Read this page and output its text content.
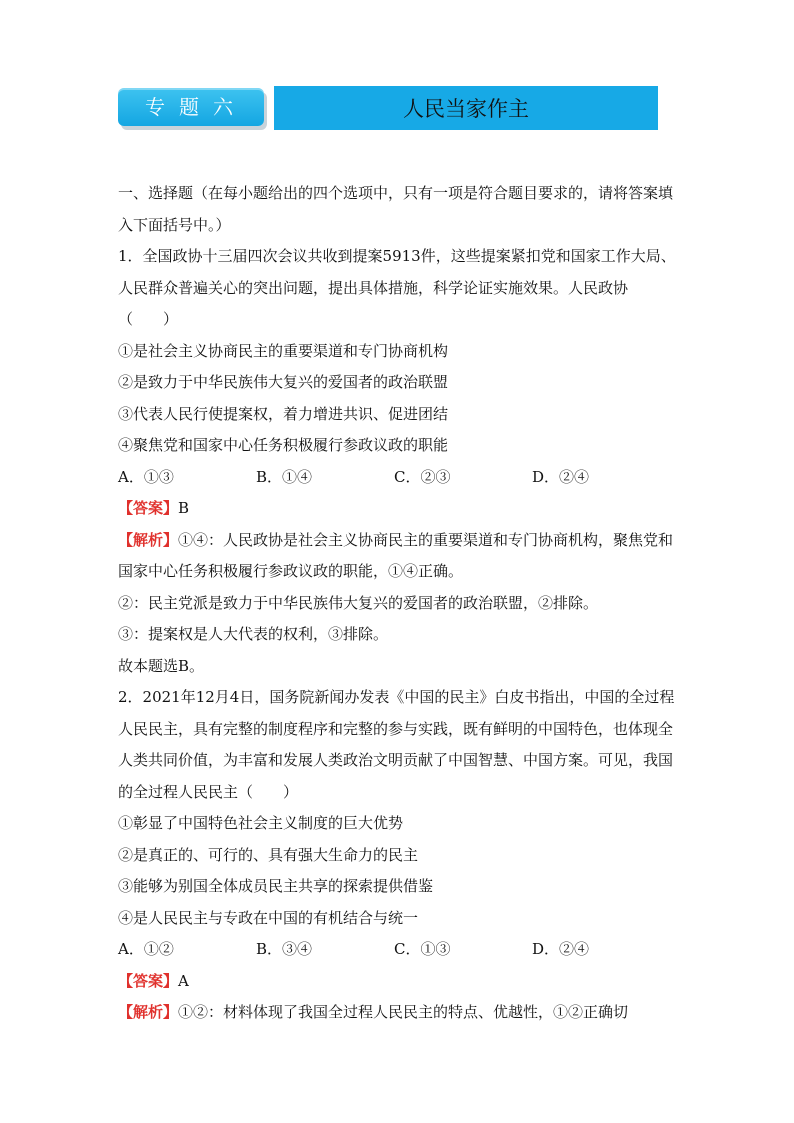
专题六	人民当家作主

一、选择题（在每小题给出的四个选项中，只有一项是符合题目要求的，请将答案填入下面括号中。）

1．全国政协十三届四次会议共收到提案5913件，这些提案紧扣党和国家工作大局、人民群众普遍关心的突出问题，提出具体措施，科学论证实施效果。人民政协（　　）

①是社会主义协商民主的重要渠道和专门协商机构

②是致力于中华民族伟大复兴的爱国者的政治联盟

③代表人民行使提案权，着力增进共识、促进团结

④聚焦党和国家中心任务积极履行参政议政的职能

A．①③	B．①④	C．②③	D．②④

【答案】B

【解析】①④：人民政协是社会主义协商民主的重要渠道和专门协商机构，聚焦党和国家中心任务积极履行参政议政的职能，①④正确。

②：民主党派是致力于中华民族伟大复兴的爱国者的政治联盟，②排除。

③：提案权是人大代表的权利，③排除。

故本题选B。

2．2021年12月4日，国务院新闻办发表《中国的民主》白皮书指出，中国的全过程人民民主，具有完整的制度程序和完整的参与实践，既有鲜明的中国特色，也体现全人类共同价值，为丰富和发展人类政治文明贡献了中国智慧、中国方案。可见，我国的全过程人民民主（　　）

①彰显了中国特色社会主义制度的巨大优势

②是真正的、可行的、具有强大生命力的民主

③能够为别国全体成员民主共享的探索提供借鉴

④是人民民主与专政在中国的有机结合与统一

A．①②	B．③④	C．①③	D．②④

【答案】A

【解析】①②：材料体现了我国全过程人民民主的特点、优越性，①②正确切
